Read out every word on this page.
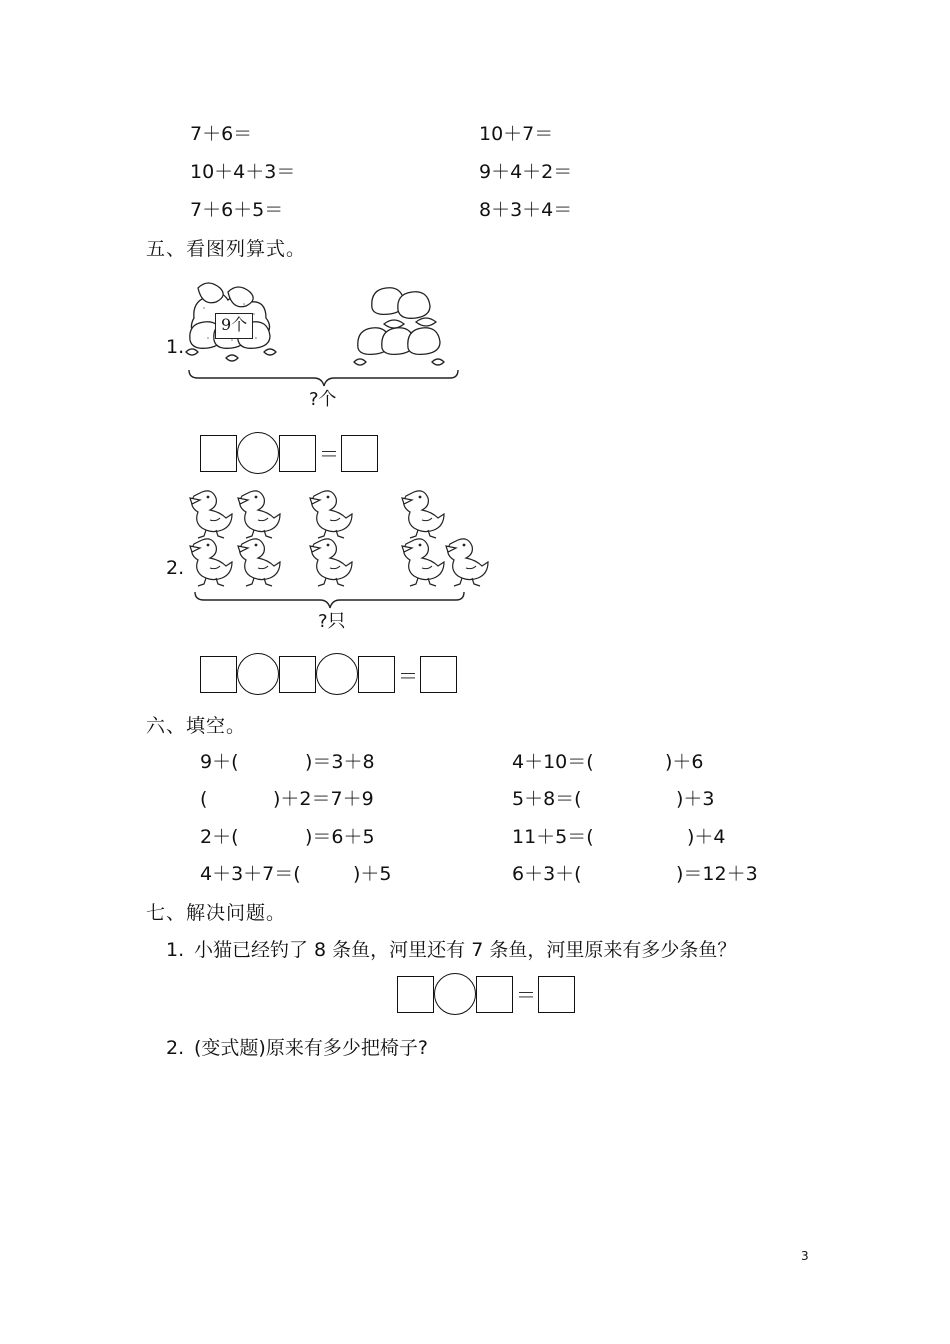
7＋6＝	10＋7＝
10＋4＋3＝	9＋4＋2＝
7＋6＋5＝	8＋3＋4＝
五、看图列算式。
1.
9个
?个
＝
2.
?只
＝
六、填空。
9＋(	)＝3＋8	4＋10＝(	)＋6
(	)＋2＝7＋9	5＋8＝(	)＋3
2＋(	)＝6＋5	11＋5＝(	)＋4
4＋3＋7＝(	)＋5	6＋3＋(	)＝12＋3
七、解决问题。
1. 小猫已经钓了 8 条鱼，河里还有 7 条鱼，河里原来有多少条鱼？
＝
2. (变式题)原来有多少把椅子?
3
